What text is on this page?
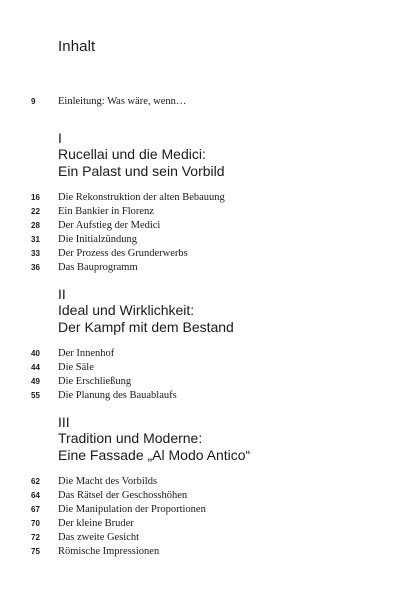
Inhalt
9	Einleitung: Was wäre, wenn…
I
Rucellai und die Medici:
Ein Palast und sein Vorbild
16	Die Rekonstruktion der alten Bebauung
22	Ein Bankier in Florenz
28	Der Aufstieg der Medici
31	Die Initialzündung
33	Der Prozess des Grunderwerbs
36	Das Bauprogramm
II
Ideal und Wirklichkeit:
Der Kampf mit dem Bestand
40	Der Innenhof
44	Die Säle
49	Die Erschließung
55	Die Planung des Bauablaufs
III
Tradition und Moderne:
Eine Fassade „Al Modo Antico“
62	Die Macht des Vorbilds
64	Das Rätsel der Geschosshöhen
67	Die Manipulation der Proportionen
70	Der kleine Bruder
72	Das zweite Gesicht
75	Römische Impressionen
